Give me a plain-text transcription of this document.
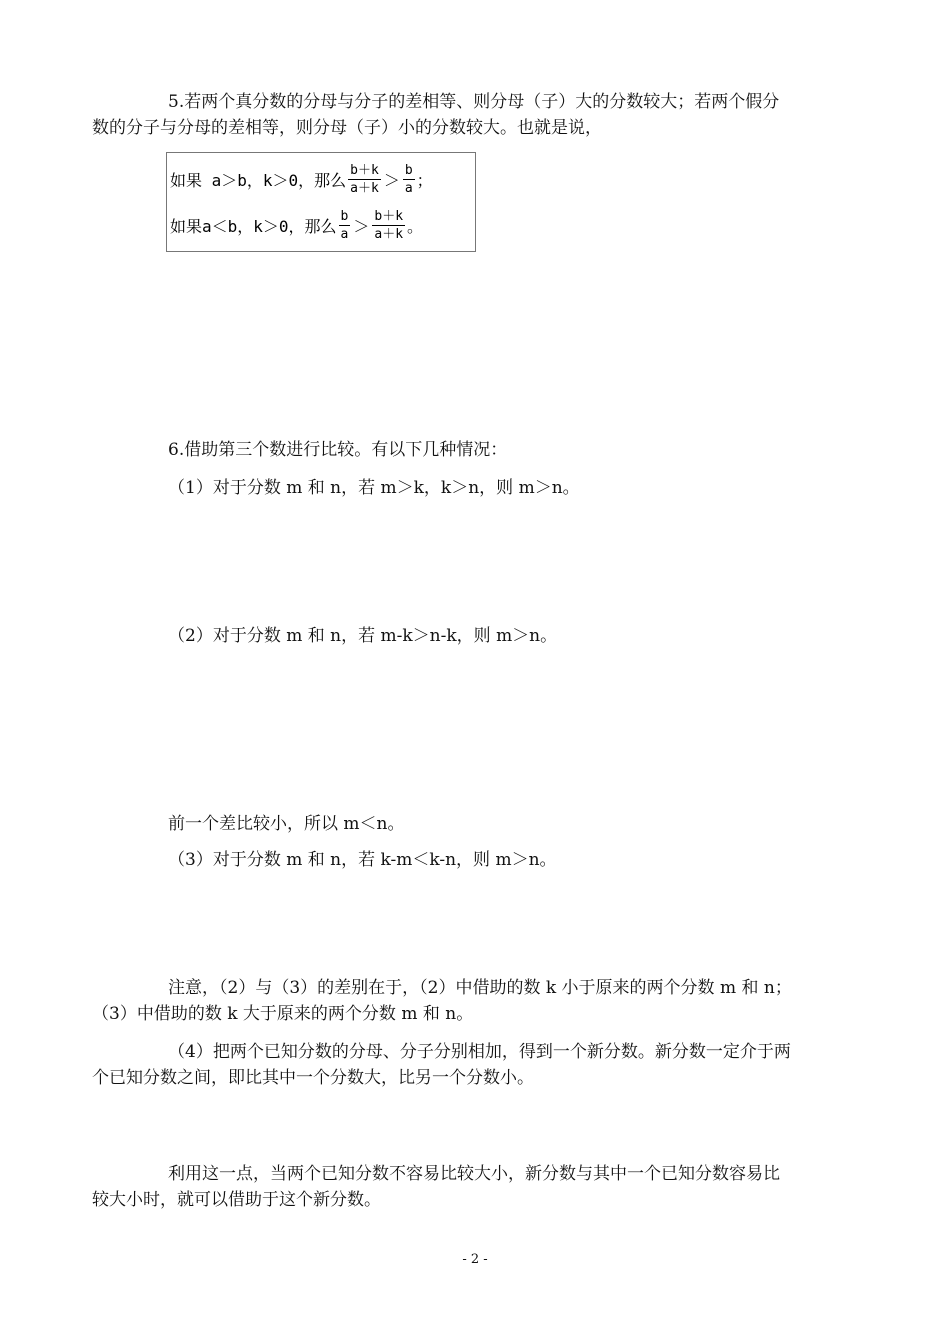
5.若两个真分数的分母与分子的差相等、则分母（子）大的分数较大；若两个假分
数的分子与分母的差相等，则分母（子）小的分数较大。也就是说，
如果 a＞b，k＞0，那么 $\frac{b+k}{a+k} > \frac{b}{a}$ ；
如果a＜b，k＞0，那么 $\frac{b}{a} > \frac{b+k}{a+k}$ 。
6.借助第三个数进行比较。有以下几种情况：
（1）对于分数 m 和 n，若 m＞k，k＞n，则 m＞n。
（2）对于分数 m 和 n，若 m-k＞n-k，则 m＞n。
前一个差比较小，所以 m＜n。
（3）对于分数 m 和 n，若 k-m＜k-n，则 m＞n。
注意，（2）与（3）的差别在于，（2）中借助的数 k 小于原来的两个分数 m 和 n；
（3）中借助的数 k 大于原来的两个分数 m 和 n。
（4）把两个已知分数的分母、分子分别相加，得到一个新分数。新分数一定介于两
个已知分数之间，即比其中一个分数大，比另一个分数小。
利用这一点，当两个已知分数不容易比较大小，新分数与其中一个已知分数容易比
较大小时，就可以借助于这个新分数。
- 2 -
